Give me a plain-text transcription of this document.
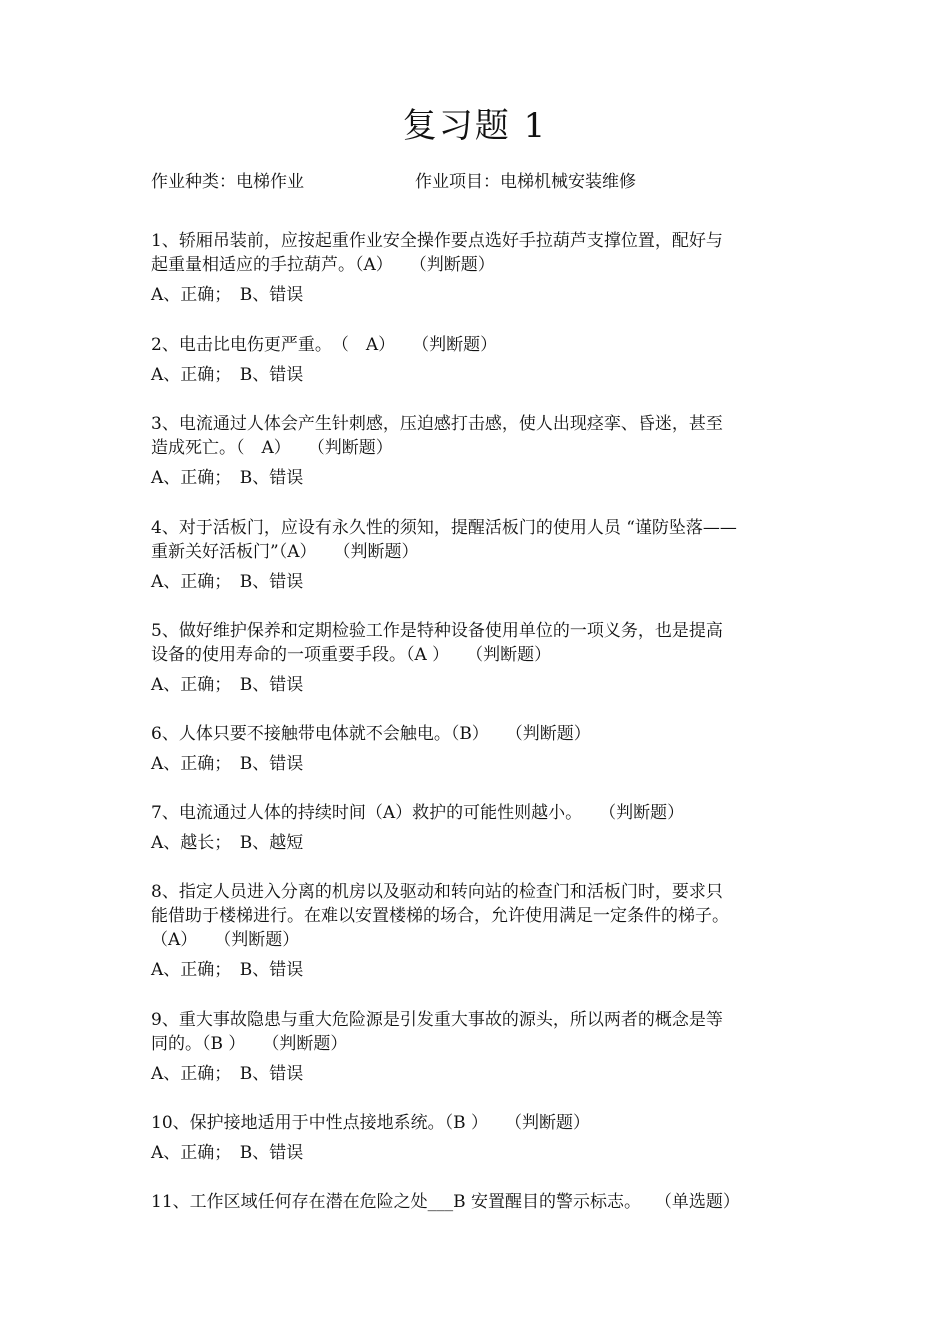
复习题 1
作业种类：电梯作业	作业项目：电梯机械安装维修
1、轿厢吊装前，应按起重作业安全操作要点选好手拉葫芦支撑位置，配好与
起重量相适应的手拉葫芦。（A）　　（判断题）
A、正确；　B、错误
2、电击比电伤更严重。　（　A）　　（判断题）
A、正确；　B、错误
3、电流通过人体会产生针刺感，压迫感打击感，使人出现痉挛、昏迷，甚至
造成死亡。（　A）　　（判断题）
A、正确；　B、错误
4、对于活板门，应设有永久性的须知，提醒活板门的使用人员 “谨防坠落——
重新关好活板门”（A）　　（判断题）
A、正确；　B、错误
5、做好维护保养和定期检验工作是特种设备使用单位的一项义务，也是提高
设备的使用寿命的一项重要手段。（A ）　　（判断题）
A、正确；　B、错误
6、人体只要不接触带电体就不会触电。（B）　　（判断题）
A、正确；　B、错误
7、电流通过人体的持续时间（A）救护的可能性则越小。　　（判断题）
A、越长；　B、越短
8、指定人员进入分离的机房以及驱动和转向站的检查门和活板门时，要求只
能借助于楼梯进行。在难以安置楼梯的场合，允许使用满足一定条件的梯子。
（A）　　（判断题）
A、正确；　B、错误
9、重大事故隐患与重大危险源是引发重大事故的源头，所以两者的概念是等
同的。（B ）　　（判断题）
A、正确；　B、错误
10、保护接地适用于中性点接地系统。（B ）　　（判断题）
A、正确；　B、错误
11、工作区域任何存在潜在危险之处___B 安置醒目的警示标志。　 （单选题）
